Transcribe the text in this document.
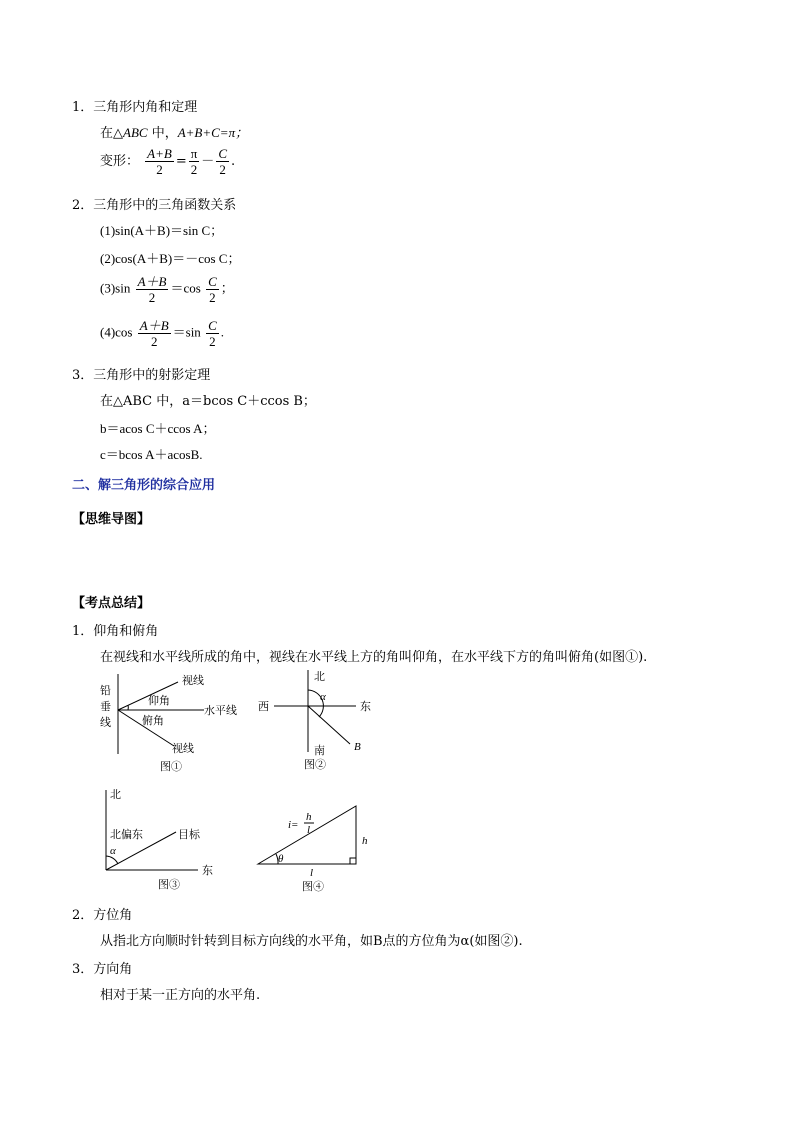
1．三角形内角和定理
在△ABC 中，A+B+C=π；
变形： $\frac{A+B}{2} = \frac{\pi}{2} - \frac{C}{2}$ .
2．三角形中的三角函数关系
(1)sin(A＋B)＝sin C；
(2)cos(A＋B)＝－cos C；
$(3)\sin \frac{A+B}{2} =\cos \frac{C}{2}$ ；
$(4)\cos \frac{A+B}{2} =\sin \frac{C}{2}$ .
3．三角形中的射影定理
在△ABC 中，a＝bcos C＋ccos B；
b＝acos C＋ccos A；
c＝bcos A＋acosB.
二、解三角形的综合应用
【思维导图】
【考点总结】
1．仰角和俯角
在视线和水平线所成的角中，视线在水平线上方的角叫仰角，在水平线下方的角叫俯角(如图①).
铅
垂
线
视线
仰角
水平线
俯角
视线
图①
北
西	东
南
α
B
图②
北
北偏东	目标
α
东
图③
i=
h
l
h
θ
l
图④
2．方位角
从指北方向顺时针转到目标方向线的水平角，如B点的方位角为α(如图②).
3．方向角
相对于某一正方向的水平角.
